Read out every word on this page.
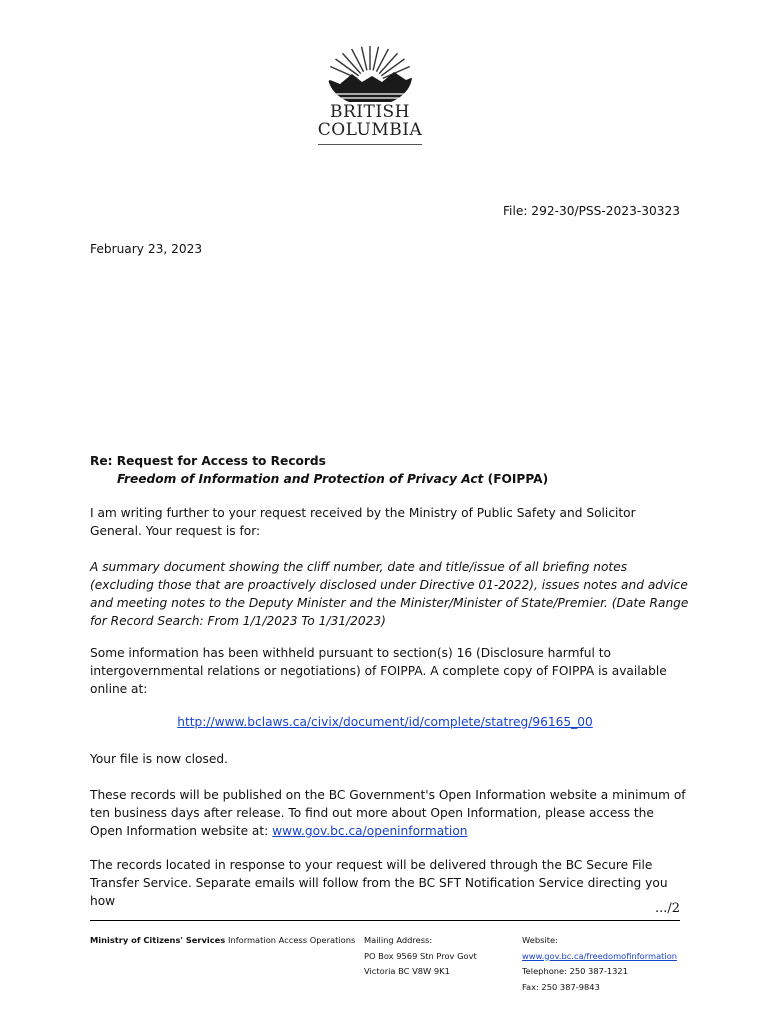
BRITISH
COLUMBIA
File: 292-30/PSS-2023-30323
February 23, 2023
Re: Request for Access to Records
Freedom of Information and Protection of Privacy Act (FOIPPA)
I am writing further to your request received by the Ministry of Public Safety and Solicitor General. Your request is for:
A summary document showing the cliff number, date and title/issue of all briefing notes (excluding those that are proactively disclosed under Directive 01-2022), issues notes and advice and meeting notes to the Deputy Minister and the Minister/Minister of State/Premier. (Date Range for Record Search: From 1/1/2023 To 1/31/2023)
Some information has been withheld pursuant to section(s) 16 (Disclosure harmful to intergovernmental relations or negotiations) of FOIPPA. A complete copy of FOIPPA is available online at:
http://www.bclaws.ca/civix/document/id/complete/statreg/96165_00
Your file is now closed.
These records will be published on the BC Government's Open Information website a minimum of ten business days after release. To find out more about Open Information, please access the Open Information website at: www.gov.bc.ca/openinformation
The records located in response to your request will be delivered through the BC Secure File Transfer Service. Separate emails will follow from the BC SFT Notification Service directing you how	.../2
Ministry of Citizens' Services Information Access Operations Mailing Address:
PO Box 9569 Stn Prov Govt
Victoria BC V8W 9K1
Website:
www.gov.bc.ca/freedomofinformation
Telephone: 250 387-1321
Fax: 250 387-9843
